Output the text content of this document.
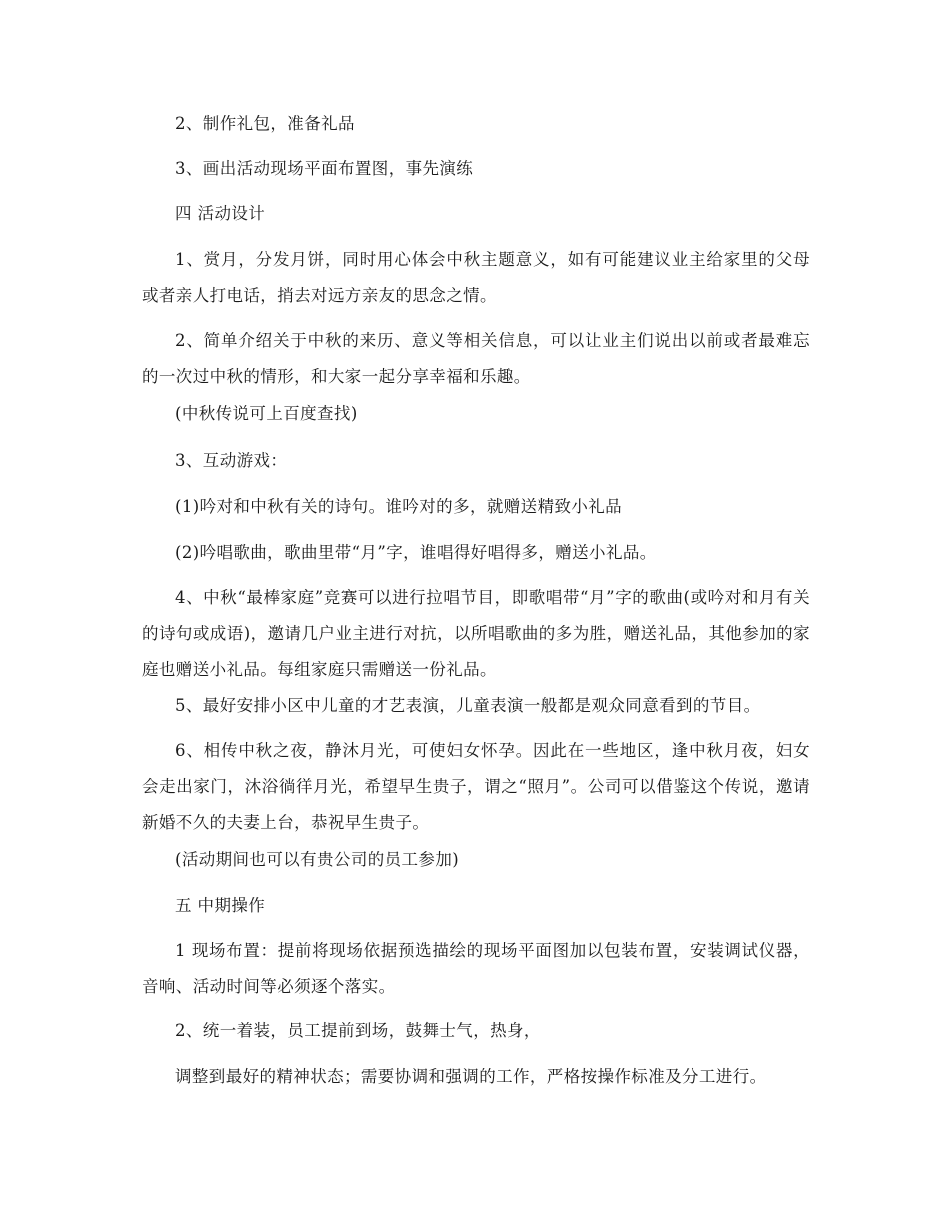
2、制作礼包，准备礼品

3、画出活动现场平面布置图，事先演练

四 活动设计

1、赏月，分发月饼，同时用心体会中秋主题意义，如有可能建议业主给家里的父母或者亲人打电话，捎去对远方亲友的思念之情。

2、简单介绍关于中秋的来历、意义等相关信息，可以让业主们说出以前或者最难忘的一次过中秋的情形，和大家一起分享幸福和乐趣。

(中秋传说可上百度查找)

3、互动游戏：

(1)吟对和中秋有关的诗句。谁吟对的多，就赠送精致小礼品

(2)吟唱歌曲，歌曲里带“月”字，谁唱得好唱得多，赠送小礼品。

4、中秋“最棒家庭”竞赛可以进行拉唱节目，即歌唱带“月”字的歌曲(或吟对和月有关的诗句或成语)，邀请几户业主进行对抗，以所唱歌曲的多为胜，赠送礼品，其他参加的家庭也赠送小礼品。每组家庭只需赠送一份礼品。

5、最好安排小区中儿童的才艺表演，儿童表演一般都是观众同意看到的节目。

6、相传中秋之夜，静沐月光，可使妇女怀孕。因此在一些地区，逢中秋月夜，妇女会走出家门，沐浴徜徉月光，希望早生贵子，谓之“照月”。公司可以借鉴这个传说，邀请新婚不久的夫妻上台，恭祝早生贵子。

(活动期间也可以有贵公司的员工参加)

五 中期操作

1 现场布置：提前将现场依据预选描绘的现场平面图加以包装布置，安装调试仪器，音响、活动时间等必须逐个落实。

2、统一着装，员工提前到场，鼓舞士气，热身，

调整到最好的精神状态；需要协调和强调的工作，严格按操作标准及分工进行。
